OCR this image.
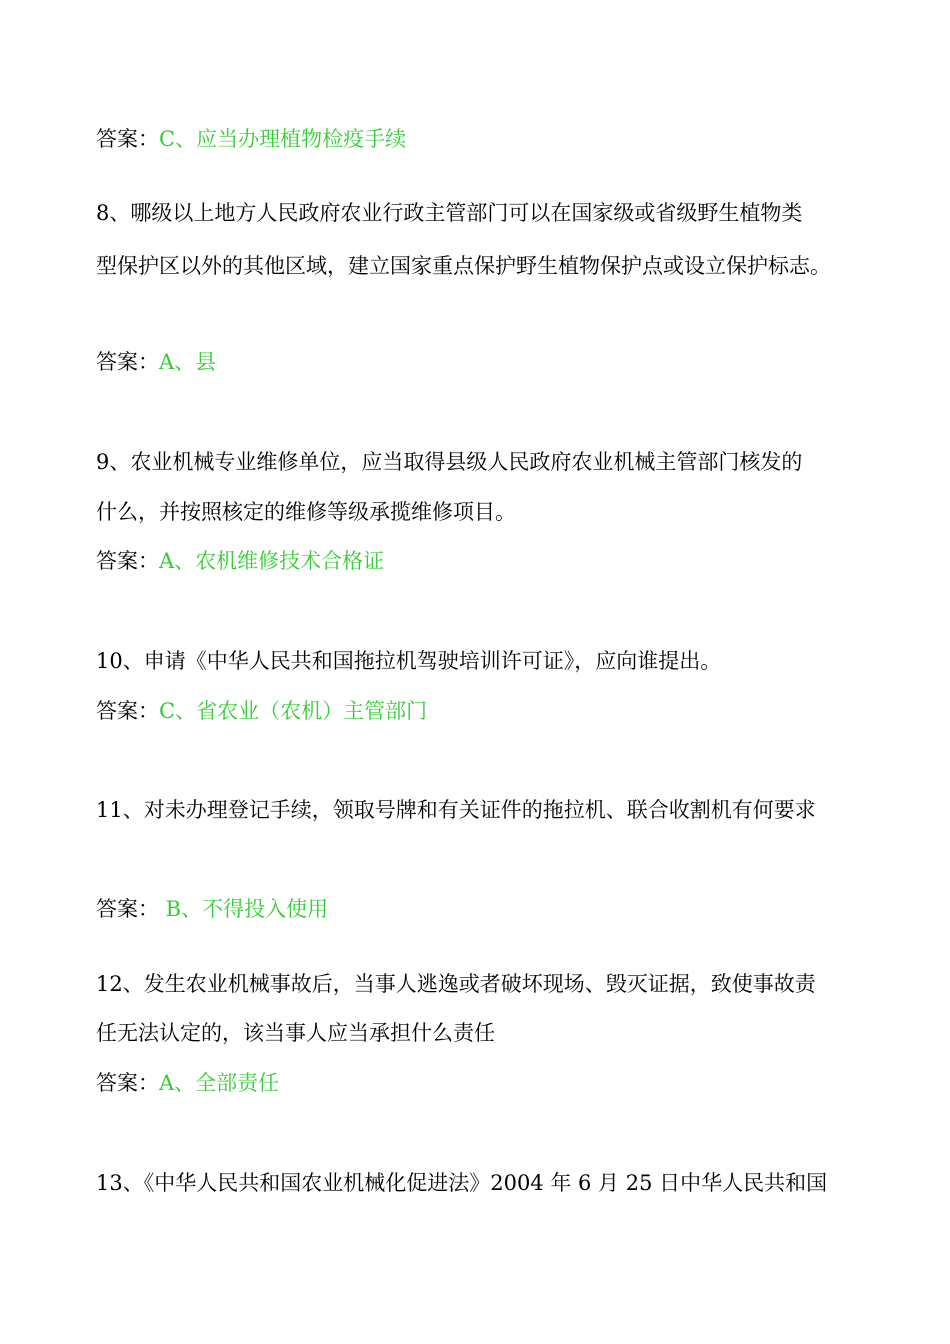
答案：C、应当办理植物检疫手续
8、哪级以上地方人民政府农业行政主管部门可以在国家级或省级野生植物类
型保护区以外的其他区域，建立国家重点保护野生植物保护点或设立保护标志。
答案：A、县
9、农业机械专业维修单位，应当取得县级人民政府农业机械主管部门核发的
什么，并按照核定的维修等级承揽维修项目。
答案：A、农机维修技术合格证
10、申请《中华人民共和国拖拉机驾驶培训许可证》，应向谁提出。
答案：C、省农业（农机）主管部门
11、对未办理登记手续，领取号牌和有关证件的拖拉机、联合收割机有何要求
答案： B、不得投入使用
12、发生农业机械事故后，当事人逃逸或者破坏现场、毁灭证据，致使事故责
任无法认定的，该当事人应当承担什么责任
答案：A、全部责任
13、《中华人民共和国农业机械化促进法》2004 年 6 月 25 日中华人民共和国
